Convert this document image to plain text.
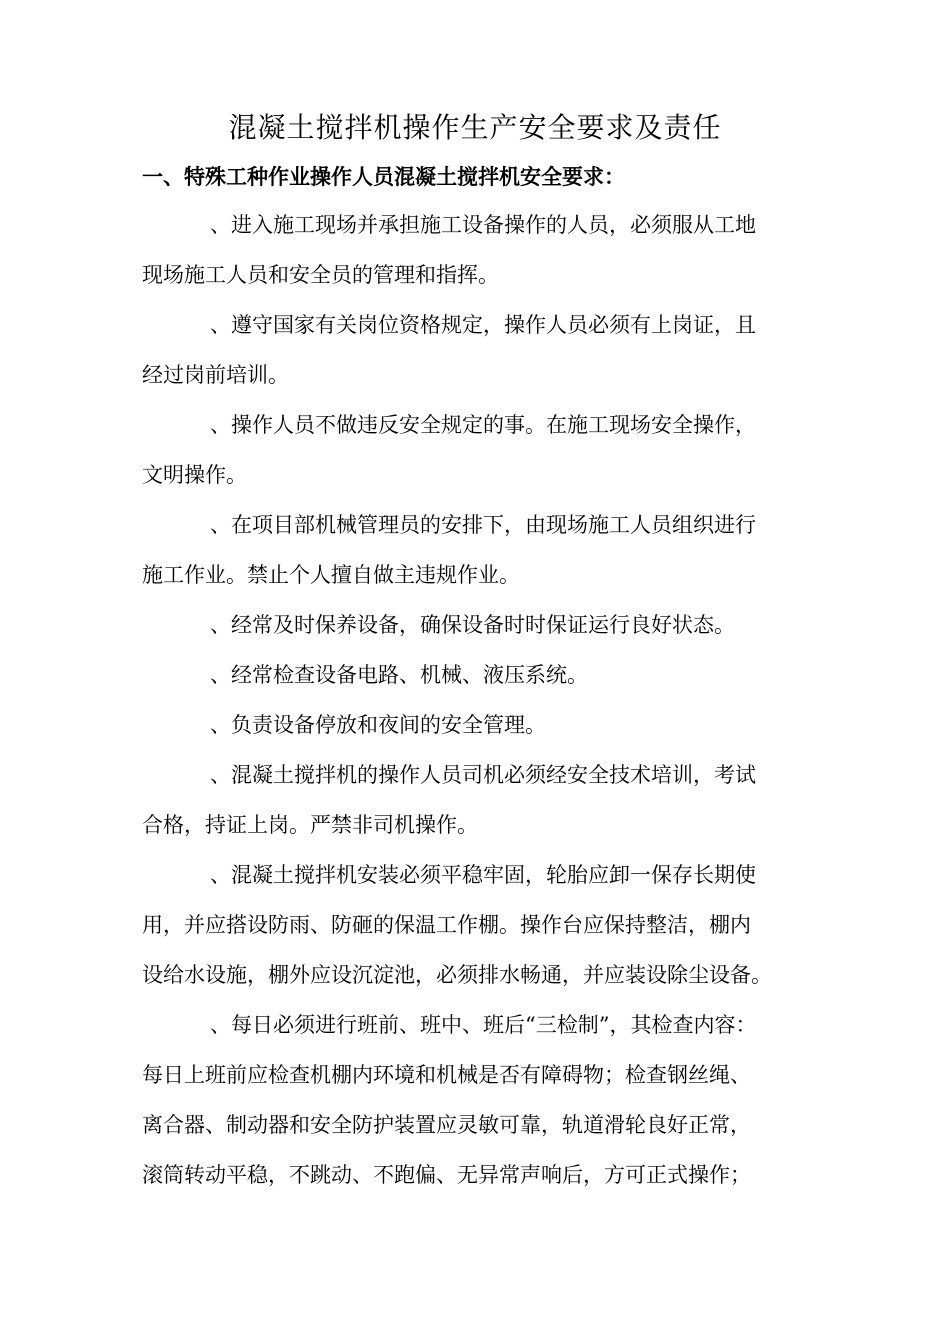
混凝土搅拌机操作生产安全要求及责任
一、特殊工种作业操作人员混凝土搅拌机安全要求：
、进入施工现场并承担施工设备操作的人员，必须服从工地
现场施工人员和安全员的管理和指挥。
、遵守国家有关岗位资格规定，操作人员必须有上岗证，且
经过岗前培训。
、操作人员不做违反安全规定的事。在施工现场安全操作，
文明操作。
、在项目部机械管理员的安排下，由现场施工人员组织进行
施工作业。禁止个人擅自做主违规作业。
、经常及时保养设备，确保设备时时保证运行良好状态。
、经常检查设备电路、机械、液压系统。
、负责设备停放和夜间的安全管理。
、混凝土搅拌机的操作人员司机必须经安全技术培训，考试
合格，持证上岗。严禁非司机操作。
、混凝土搅拌机安装必须平稳牢固，轮胎应卸一保存长期使
用，并应搭设防雨、防砸的保温工作棚。操作台应保持整洁，棚内
设给水设施，棚外应设沉淀池，必须排水畅通，并应装设除尘设备。
、每日必须进行班前、班中、班后“三检制”，其检查内容：
每日上班前应检查机棚内环境和机械是否有障碍物；检查钢丝绳、
离合器、制动器和安全防护装置应灵敏可靠，轨道滑轮良好正常，
滚筒转动平稳，不跳动、不跑偏、无异常声响后，方可正式操作；
